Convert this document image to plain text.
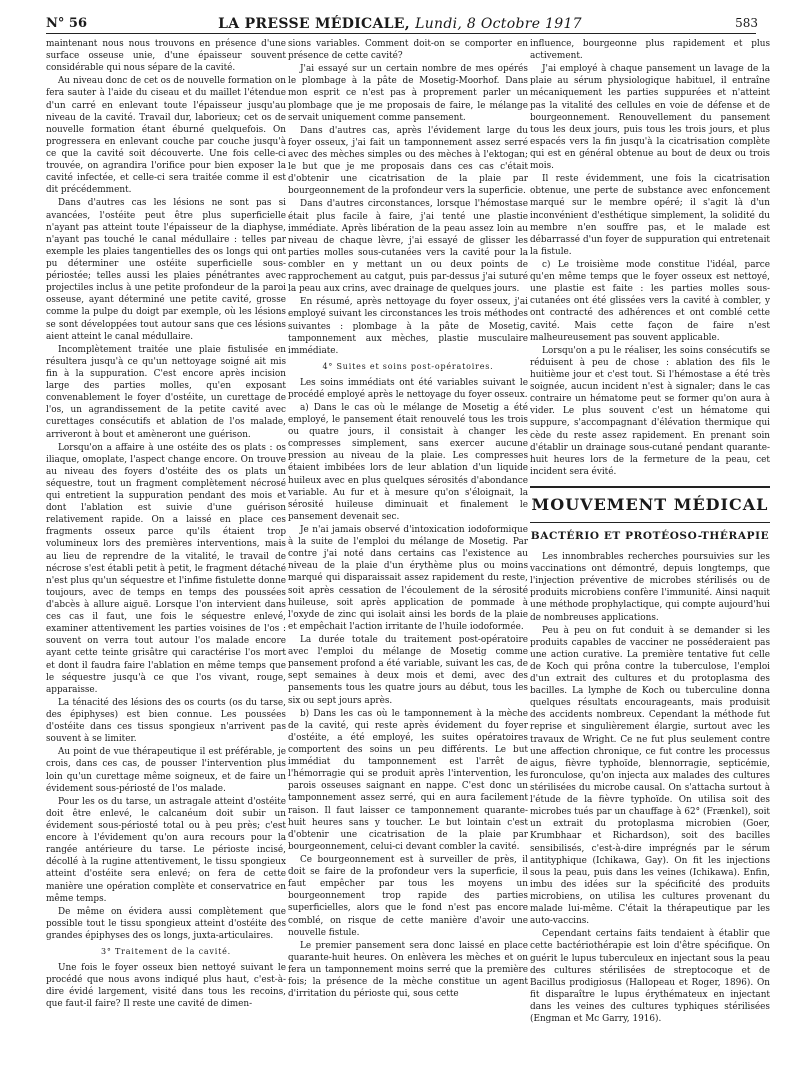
N° 56	LA PRESSE MÉDICALE, Lundi, 8 Octobre 1917	583

maintenant nous nous trouvons en présence d'une surface osseuse unie, d'une épaisseur souvent considérable qui nous sépare de la cavité.

Au niveau donc de cet os de nouvelle formation on fera sauter à l'aide du ciseau et du maillet l'étendue d'un carré en enlevant toute l'épaisseur jusqu'au niveau de la cavité. Travail dur, laborieux; cet os de nouvelle formation étant éburné quelquefois. On progressera en enlevant couche par couche jusqu'à ce que la cavité soit découverte. Une fois celle-ci trouvée, on agrandira l'orifice pour bien exposer la cavité infectée, et celle-ci sera traitée comme il est dit précédemment.

Dans d'autres cas les lésions ne sont pas si avancées, l'ostéite peut être plus superficielle n'ayant pas atteint toute l'épaisseur de la diaphyse, n'ayant pas touché le canal médullaire : telles par exemple les plaies tangentielles des os longs qui ont pu déterminer une ostéite superficielle sous-périostée; telles aussi les plaies pénétrantes avec projectiles inclus à une petite profondeur de la paroi osseuse, ayant déterminé une petite cavité, grosse comme la pulpe du doigt par exemple, où les lésions se sont développées tout autour sans que ces lésions aient atteint le canal médullaire.

Incomplètement traitée une plaie fistulisée en résultera jusqu'à ce qu'un nettoyage soigné ait mis fin à la suppuration. C'est encore après incision large des parties molles, qu'en exposant convenablement le foyer d'ostéite, un curettage de l'os, un agrandissement de la petite cavité avec curettages consécutifs et ablation de l'os malade, arriveront à bout et amèneront une guérison.

Lorsqu'on a affaire à une ostéite des os plats : os iliaque, omoplate, l'aspect change encore. On trouve au niveau des foyers d'ostéite des os plats un séquestre, tout un fragment complètement nécrosé qui entretient la suppuration pendant des mois et dont l'ablation est suivie d'une guérison relativement rapide. On a laissé en place ces fragments osseux parce qu'ils étaient trop volumineux lors des premières interventions, mais au lieu de reprendre de la vitalité, le travail de nécrose s'est établi petit à petit, le fragment détaché n'est plus qu'un séquestre et l'infime fistulette donne toujours, avec de temps en temps des poussées d'abcès à allure aiguë. Lorsque l'on intervient dans ces cas il faut, une fois le séquestre enlevé, examiner attentivement les parties voisines de l'os : souvent on verra tout autour l'os malade encore ayant cette teinte grisâtre qui caractérise l'os mort et dont il faudra faire l'ablation en même temps que le séquestre jusqu'à ce que l'os vivant, rouge, apparaisse.

La ténacité des lésions des os courts (os du tarse, des épiphyses) est bien connue. Les poussées d'ostéite dans ces tissus spongieux n'arrivent pas souvent à se limiter.

Au point de vue thérapeutique il est préférable, je crois, dans ces cas, de pousser l'intervention plus loin qu'un curettage même soigneux, et de faire un évidement sous-périosté de l'os malade.

Pour les os du tarse, un astragale atteint d'ostéite doit être enlevé, le calcanéum doit subir un évidement sous-périosté total ou à peu près; c'est encore à l'évidement qu'on aura recours pour la rangée antérieure du tarse. Le périoste incisé, décollé à la rugine attentivement, le tissu spongieux atteint d'ostéite sera enlevé; on fera de cette manière une opération complète et conservatrice en même temps.

De même on évidera aussi complètement que possible tout le tissu spongieux atteint d'ostéite des grandes épiphyses des os longs, juxta-articulaires.

3° Traitement de la cavité.

Une fois le foyer osseux bien nettoyé suivant le procédé que nous avons indiqué plus haut, c'est-à-dire évidé largement, visité dans tous les recoins, que faut-il faire? Il reste une cavité de dimen-

sions variables. Comment doit-on se comporter en présence de cette cavité?

J'ai essayé sur un certain nombre de mes opérés le plombage à la pâte de Mosetig-Moorhof. Dans mon esprit ce n'est pas à proprement parler un plombage que je me proposais de faire, le mélange servait uniquement comme pansement.

Dans d'autres cas, après l'évidement large du foyer osseux, j'ai fait un tamponnement assez serré avec des mèches simples ou des mèches à l'ektogan; le but que je me proposais dans ces cas c'était d'obtenir une cicatrisation de la plaie par bourgeonnement de la profondeur vers la superficie.

Dans d'autres circonstances, lorsque l'hémostase était plus facile à faire, j'ai tenté une plastie immédiate. Après libération de la peau assez loin au niveau de chaque lèvre, j'ai essayé de glisser les parties molles sous-cutanées vers la cavité pour la combler en y mettant un ou deux points de rapprochement au catgut, puis par-dessus j'ai suturé la peau aux crins, avec drainage de quelques jours.

En résumé, après nettoyage du foyer osseux, j'ai employé suivant les circonstances les trois méthodes suivantes : plombage à la pâte de Mosetig, tamponnement aux mèches, plastie musculaire immédiate.

4° Suites et soins post-opératoires.

Les soins immédiats ont été variables suivant le procédé employé après le nettoyage du foyer osseux.

a) Dans le cas où le mélange de Mosetig a été employé, le pansement était renouvelé tous les trois ou quatre jours, il consistait à changer les compresses simplement, sans exercer aucune pression au niveau de la plaie. Les compresses étaient imbibées lors de leur ablation d'un liquide huileux avec en plus quelques sérosités d'abondance variable. Au fur et à mesure qu'on s'éloignait, la sérosité huileuse diminuait et finalement le pansement devenait sec.

Je n'ai jamais observé d'intoxication iodoformique à la suite de l'emploi du mélange de Mosetig. Par contre j'ai noté dans certains cas l'existence au niveau de la plaie d'un érythème plus ou moins marqué qui disparaissait assez rapidement du reste, soit après cessation de l'écoulement de la sérosité huileuse, soit après application de pommade à l'oxyde de zinc qui isolait ainsi les bords de la plaie et empêchait l'action irritante de l'huile iodoformée.

La durée totale du traitement post-opératoire avec l'emploi du mélange de Mosetig comme pansement profond a été variable, suivant les cas, de sept semaines à deux mois et demi, avec des pansements tous les quatre jours au début, tous les six ou sept jours après.

b) Dans les cas où le tamponnement à la mèche de la cavité, qui reste après évidement du foyer d'ostéite, a été employé, les suites opératoires comportent des soins un peu différents. Le but immédiat du tamponnement est l'arrêt de l'hémorragie qui se produit après l'intervention, les parois osseuses saignant en nappe. C'est donc un tamponnement assez serré, qui en aura facilement raison. Il faut laisser ce tamponnement quarante-huit heures sans y toucher. Le but lointain c'est d'obtenir une cicatrisation de la plaie par bourgeonnement, celui-ci devant combler la cavité.

Ce bourgeonnement est à surveiller de près, il doit se faire de la profondeur vers la superficie, il faut empêcher par tous les moyens un bourgeonnement trop rapide des parties superficielles, alors que le fond n'est pas encore comblé, on risque de cette manière d'avoir une nouvelle fistule.

Le premier pansement sera donc laissé en place quarante-huit heures. On enlèvera les mèches et on fera un tamponnement moins serré que la première fois; la présence de la mèche constitue un agent d'irritation du périoste qui, sous cette

influence, bourgeonne plus rapidement et plus activement.

J'ai employé à chaque pansement un lavage de la plaie au sérum physiologique habituel, il entraîne mécaniquement les parties suppurées et n'atteint pas la vitalité des cellules en voie de défense et de bourgeonnement. Renouvellement du pansement tous les deux jours, puis tous les trois jours, et plus espacés vers la fin jusqu'à la cicatrisation complète qui est en général obtenue au bout de deux ou trois mois.

Il reste évidemment, une fois la cicatrisation obtenue, une perte de substance avec enfoncement marqué sur le membre opéré; il s'agit là d'un inconvénient d'esthétique simplement, la solidité du membre n'en souffre pas, et le malade est débarrassé d'un foyer de suppuration qui entretenait la fistule.

c) Le troisième mode constitue l'idéal, parce qu'en même temps que le foyer osseux est nettoyé, une plastie est faite : les parties molles sous-cutanées ont été glissées vers la cavité à combler, y ont contracté des adhérences et ont comblé cette cavité. Mais cette façon de faire n'est malheureusement pas souvent applicable.

Lorsqu'on a pu le réaliser, les soins consécutifs se réduisent à peu de chose : ablation des fils le huitième jour et c'est tout. Si l'hémostase a été très soignée, aucun incident n'est à signaler; dans le cas contraire un hématome peut se former qu'on aura à vider. Le plus souvent c'est un hématome qui suppure, s'accompagnant d'élévation thermique qui cède du reste assez rapidement. En prenant soin d'établir un drainage sous-cutané pendant quarante-huit heures lors de la fermeture de la peau, cet incident sera évité.

MOUVEMENT MÉDICAL
BACTÉRIO ET PROTÉOSO-THÉRAPIE

Les innombrables recherches poursuivies sur les vaccinations ont démontré, depuis longtemps, que l'injection préventive de microbes stérilisés ou de produits microbiens confère l'immunité. Ainsi naquit une méthode prophylactique, qui compte aujourd'hui de nombreuses applications.

Peu à peu on fut conduit à se demander si les produits capables de vacciner ne posséderaient pas une action curative. La première tentative fut celle de Koch qui prôna contre la tuberculose, l'emploi d'un extrait des cultures et du protoplasma des bacilles. La lymphe de Koch ou tuberculine donna quelques résultats encourageants, mais produisit des accidents nombreux. Cependant la méthode fut reprise et singulièrement élargie, surtout avec les travaux de Wright. Ce ne fut plus seulement contre une affection chronique, ce fut contre les processus aigus, fièvre typhoïde, blennorragie, septicémie, furonculose, qu'on injecta aux malades des cultures stérilisées du microbe causal. On s'attacha surtout à l'étude de la fièvre typhoïde. On utilisa soit des microbes tués par un chauffage à 62° (Frænkel), soit un extrait du protoplasma microbien (Goer, Krumbhaar et Richardson), soit des bacilles sensibilisés, c'est-à-dire imprégnés par le sérum antityphique (Ichikawa, Gay). On fit les injections sous la peau, puis dans les veines (Ichikawa). Enfin, imbu des idées sur la spécificité des produits microbiens, on utilisa les cultures provenant du malade lui-même. C'était la thérapeutique par les auto-vaccins.

Cependant certains faits tendaient à établir que cette bactériothérapie est loin d'être spécifique. On guérit le lupus tuberculeux en injectant sous la peau des cultures stérilisées de streptocoque et de Bacillus prodigiosus (Hallopeau et Roger, 1896). On fit disparaître le lupus érythémateux en injectant dans les veines des cultures typhiques stérilisées (Engman et Mc Garry, 1916).
